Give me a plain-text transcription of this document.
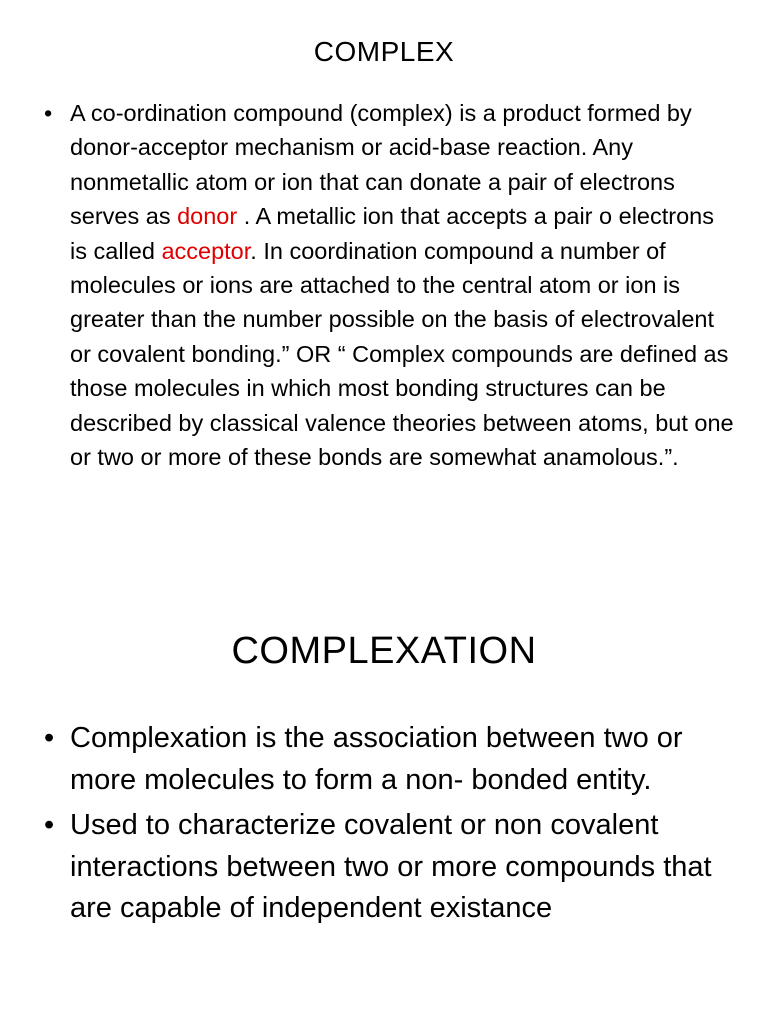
COMPLEX
• A co-ordination compound (complex) is a product formed by donor-acceptor mechanism or acid-base reaction. Any nonmetallic atom or ion that can donate a pair of electrons serves as donor . A metallic ion that accepts a pair o electrons is called acceptor. In coordination compound a number of molecules or ions are attached to the central atom or ion is greater than the number possible on the basis of electrovalent or covalent bonding.” OR “ Complex compounds are defined as those molecules in which most bonding structures can be described by classical valence theories between atoms, but one or two or more of these bonds are somewhat anamolous.”.
COMPLEXATION
• Complexation is the association between two or more molecules to form a non- bonded entity.
• Used to characterize covalent or non covalent interactions between two or more compounds that are capable of independent existance
